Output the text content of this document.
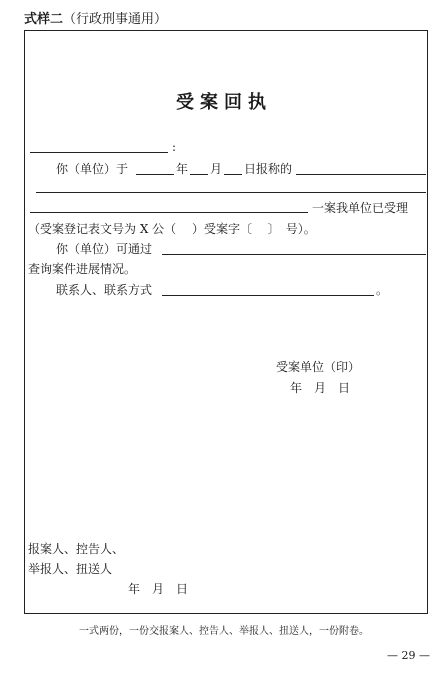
式样二（行政刑事通用）
受案回执
:
你（单位）于	年 月 日报称的
一案我单位已受理
（受案登记表文号为 X 公（　 ）受案字〔　 〕　号）。
你（单位）可通过
查询案件进展情况。
联系人、联系方式	。
受案单位（印）
年　月　日
报案人、控告人、
举报人、扭送人
年　月　日
一式两份，一份交报案人、控告人、举报人、扭送人，一份附卷。
— 29 —
